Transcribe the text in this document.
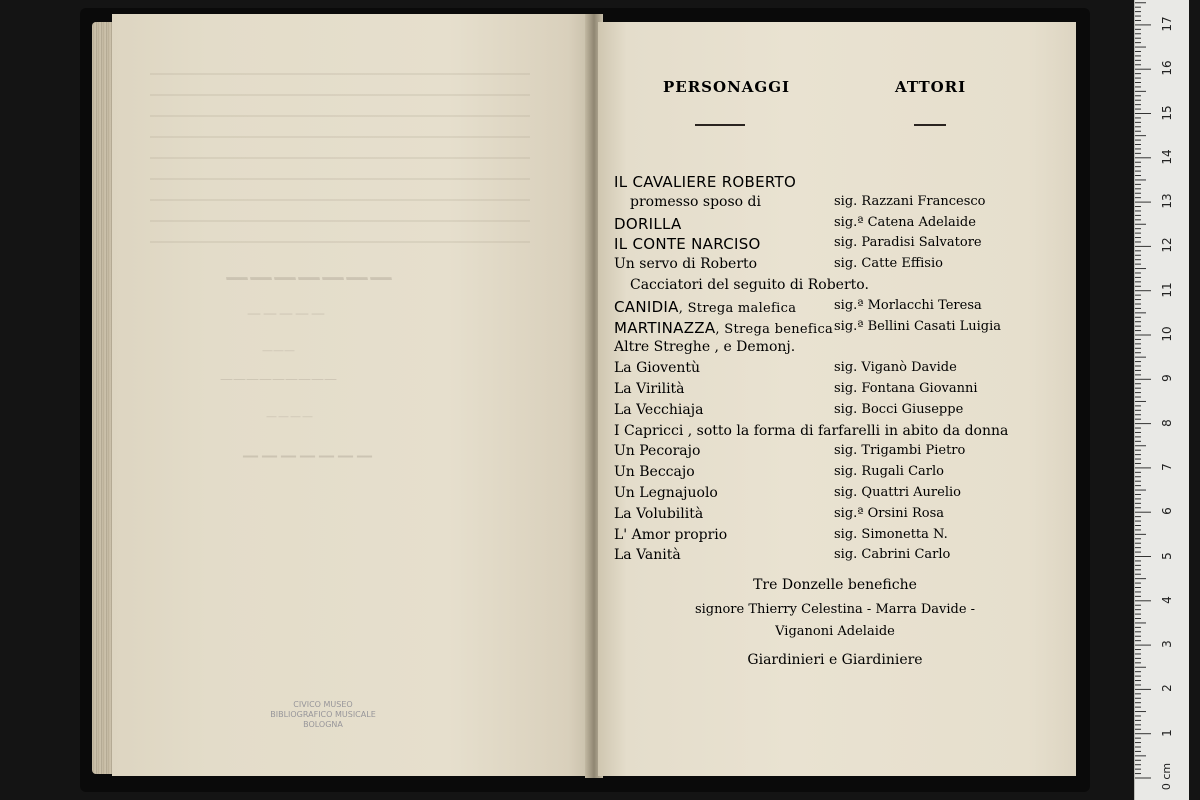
———————
—————
———
—————————
————
———————
CIVICO MUSEO
BIBLIOGRAFICO MUSICALE
BOLOGNA
PERSONAGGI	ATTORI
IL CAVALIERE ROBERTO
promesso sposo di	sig. Razzani Francesco
DORILLA	sig.ª Catena Adelaide
IL CONTE NARCISO	sig. Paradisi Salvatore
Un servo di Roberto	sig. Catte Effisio
Cacciatori del seguito di Roberto.
CANIDIA, Strega malefica	sig.ª Morlacchi Teresa
MARTINAZZA, Strega benefica sig.ª Bellini Casati Luigia
Altre Streghe , e Demonj.
La Gioventù	sig. Viganò Davide
La Virilità	sig. Fontana Giovanni
La Vecchiaja	sig. Bocci Giuseppe
I Capricci , sotto la forma di farfarelli in abito da donna
Un Pecorajo	sig. Trigambi Pietro
Un Beccajo	sig. Rugali Carlo
Un Legnajuolo	sig. Quattri Aurelio
La Volubilità	sig.ª Orsini Rosa
L' Amor proprio	sig. Simonetta N.
La Vanità	sig. Cabrini Carlo
Tre Donzelle benefiche
signore Thierry Celestina - Marra Davide -
Viganoni Adelaide
Giardinieri e Giardiniere
17
16
15
14
13
12
11
10
9
8
7
6
5
4
3
2
1
0 cm
